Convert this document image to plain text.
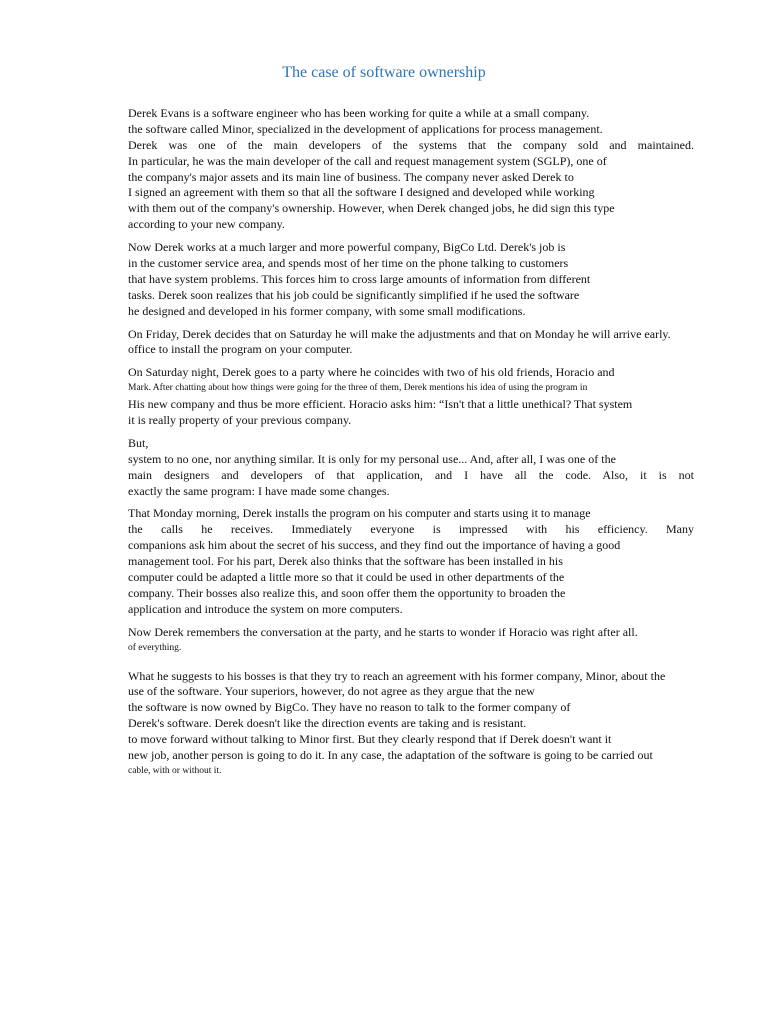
The case of software ownership
Derek Evans is a software engineer who has been working for quite a while at a small company.
the software called Minor, specialized in the development of applications for process management.
Derek was one of the main developers of the systems that the company sold and maintained.
In particular, he was the main developer of the call and request management system (SGLP), one of
the company's major assets and its main line of business. The company never asked Derek to
I signed an agreement with them so that all the software I designed and developed while working
with them out of the company's ownership. However, when Derek changed jobs, he did sign this type
according to your new company.
Now Derek works at a much larger and more powerful company, BigCo Ltd. Derek's job is
in the customer service area, and spends most of her time on the phone talking to customers
that have system problems. This forces him to cross large amounts of information from different
tasks. Derek soon realizes that his job could be significantly simplified if he used the software
he designed and developed in his former company, with some small modifications.
On Friday, Derek decides that on Saturday he will make the adjustments and that on Monday he will arrive early.
office to install the program on your computer.
On Saturday night, Derek goes to a party where he coincides with two of his old friends, Horacio and
Mark. After chatting about how things were going for the three of them, Derek mentions his idea of using the program in
His new company and thus be more efficient. Horacio asks him: “Isn't that a little unethical? That system
it is really property of your previous company.
But,
system to no one, nor anything similar. It is only for my personal use... And, after all, I was one of the
main designers and developers of that application, and I have all the code. Also, it is not
exactly the same program: I have made some changes.
That Monday morning, Derek installs the program on his computer and starts using it to manage
the calls he receives. Immediately everyone is impressed with his efficiency. Many
companions ask him about the secret of his success, and they find out the importance of having a good
management tool. For his part, Derek also thinks that the software has been installed in his
computer could be adapted a little more so that it could be used in other departments of the
company. Their bosses also realize this, and soon offer them the opportunity to broaden the
application and introduce the system on more computers.
Now Derek remembers the conversation at the party, and he starts to wonder if Horacio was right after all.
of everything.
What he suggests to his bosses is that they try to reach an agreement with his former company, Minor, about the
use of the software. Your superiors, however, do not agree as they argue that the new
the software is now owned by BigCo. They have no reason to talk to the former company of
Derek's software. Derek doesn't like the direction events are taking and is resistant.
to move forward without talking to Minor first. But they clearly respond that if Derek doesn't want it
new job, another person is going to do it. In any case, the adaptation of the software is going to be carried out
cable, with or without it.
